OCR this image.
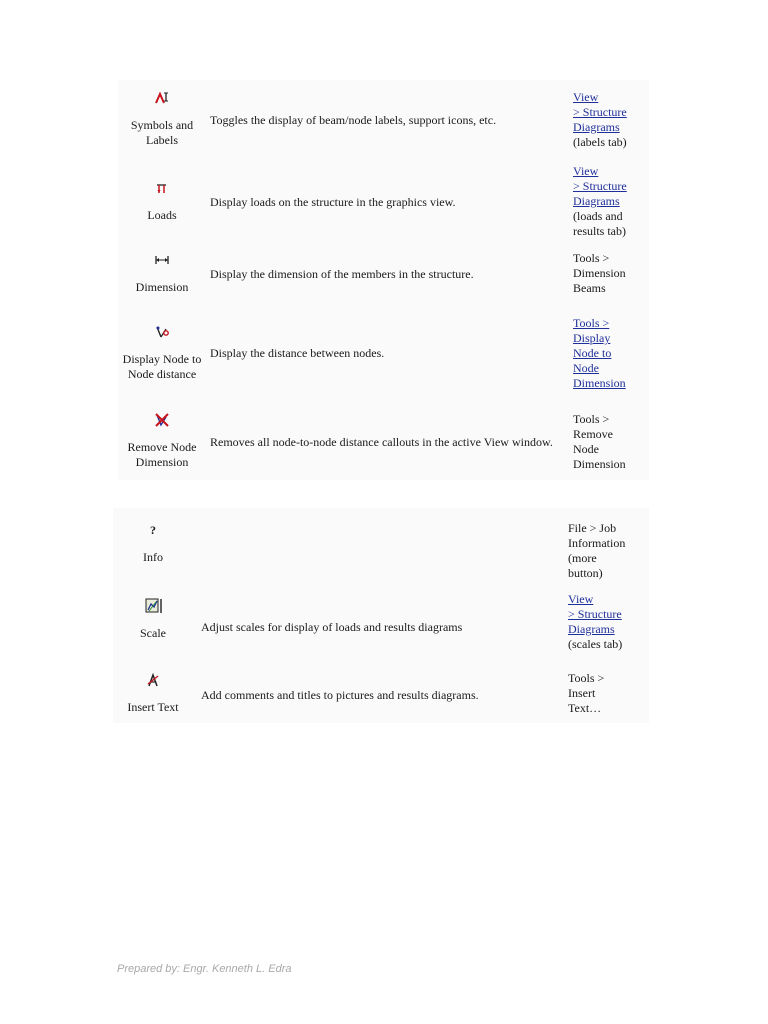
Symbols and Labels
Toggles the display of beam/node labels, support icons, etc.
View
> Structure
Diagrams
(labels tab)
Loads
Display loads on the structure in the graphics view.
View
> Structure
Diagrams
(loads and
results tab)
Dimension
Display the dimension of the members in the structure.
Tools >
Dimension
Beams
Display Node to Node distance
Display the distance between nodes.
Tools >
Display
Node to
Node
Dimension
Remove Node Dimension
Removes all node-to-node distance callouts in the active View window.
Tools >
Remove
Node
Dimension
?
Info
File > Job
Information
(more
button)
Scale	Adjust scales for display of loads and results diagrams
View
> Structure
Diagrams
(scales tab)
Insert Text
Add comments and titles to pictures and results diagrams.
Tools >
Insert
Text…
Prepared by: Engr. Kenneth L. Edra
